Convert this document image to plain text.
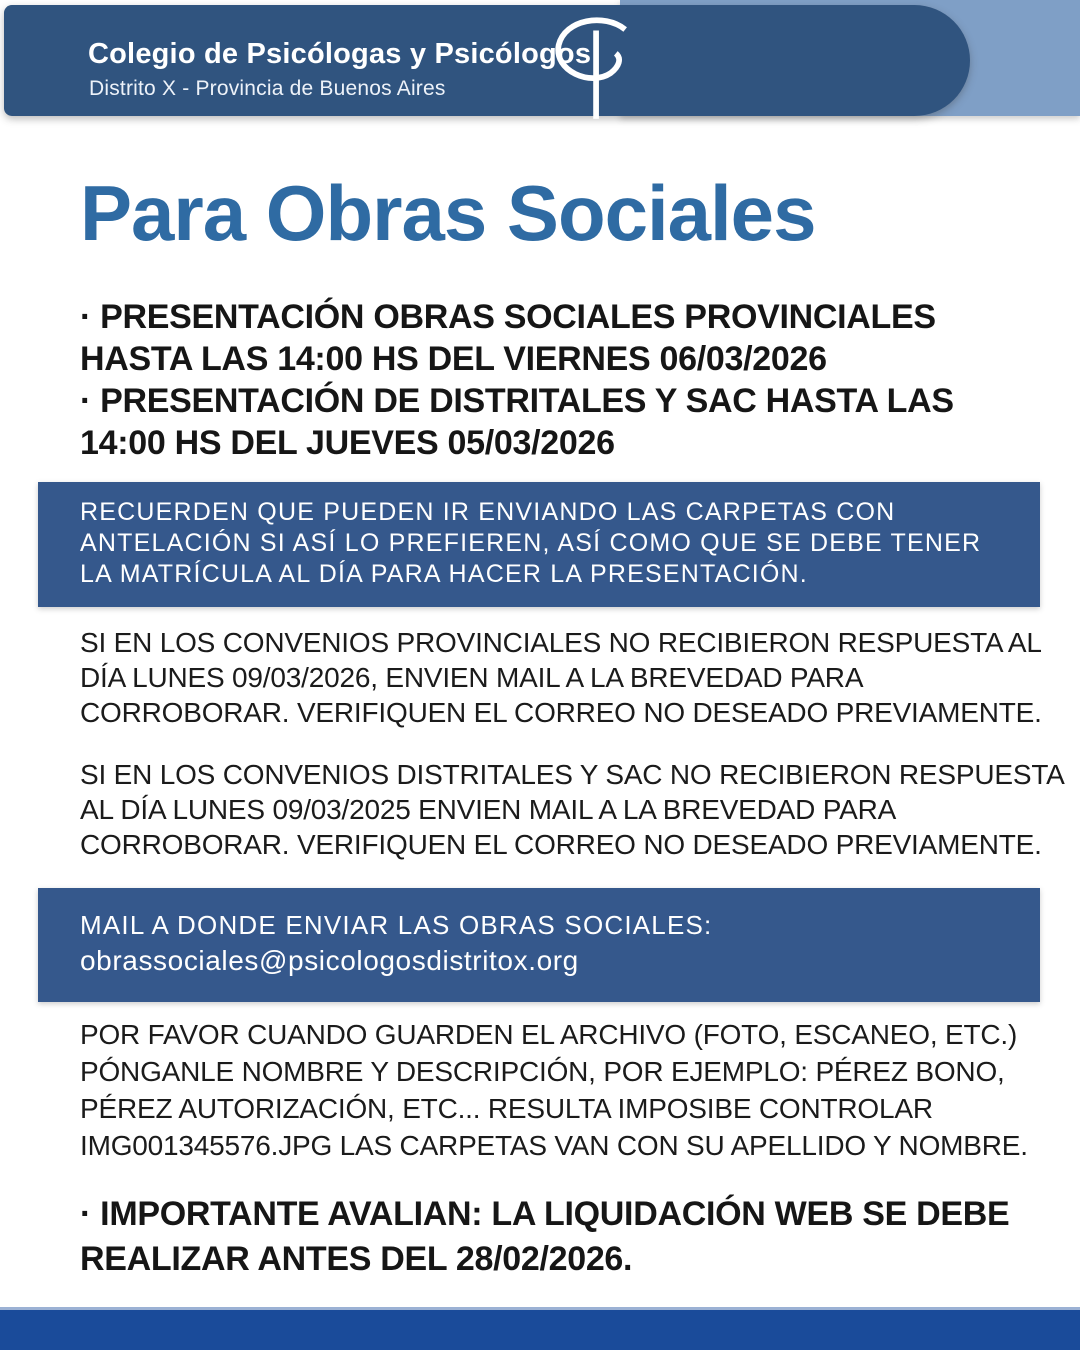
Colegio de Psicólogas y Psicólogos
Distrito X - Provincia de Buenos Aires
Para Obras Sociales
· PRESENTACIÓN OBRAS SOCIALES PROVINCIALES
HASTA LAS 14:00 HS DEL VIERNES 06/03/2026
· PRESENTACIÓN DE DISTRITALES Y SAC HASTA LAS
14:00 HS DEL JUEVES 05/03/2026
RECUERDEN QUE PUEDEN IR ENVIANDO LAS CARPETAS CON
ANTELACIÓN SI ASÍ LO PREFIEREN, ASÍ COMO QUE SE DEBE TENER
LA MATRÍCULA AL DÍA PARA HACER LA PRESENTACIÓN.
SI EN LOS CONVENIOS PROVINCIALES NO RECIBIERON RESPUESTA AL
DÍA LUNES 09/03/2026, ENVIEN MAIL A LA BREVEDAD PARA
CORROBORAR. VERIFIQUEN EL CORREO NO DESEADO PREVIAMENTE.
SI EN LOS CONVENIOS DISTRITALES Y SAC NO RECIBIERON RESPUESTA
AL DÍA LUNES 09/03/2025 ENVIEN MAIL A LA BREVEDAD PARA
CORROBORAR. VERIFIQUEN EL CORREO NO DESEADO PREVIAMENTE.
MAIL A DONDE ENVIAR LAS OBRAS SOCIALES:
obrassociales@psicologosdistritox.org
POR FAVOR CUANDO GUARDEN EL ARCHIVO (FOTO, ESCANEO, ETC.)
PÓNGANLE NOMBRE Y DESCRIPCIÓN, POR EJEMPLO: PÉREZ BONO,
PÉREZ AUTORIZACIÓN, ETC... RESULTA IMPOSIBE CONTROLAR
IMG001345576.JPG LAS CARPETAS VAN CON SU APELLIDO Y NOMBRE.
· IMPORTANTE AVALIAN: LA LIQUIDACIÓN WEB SE DEBE
REALIZAR ANTES DEL 28/02/2026.
